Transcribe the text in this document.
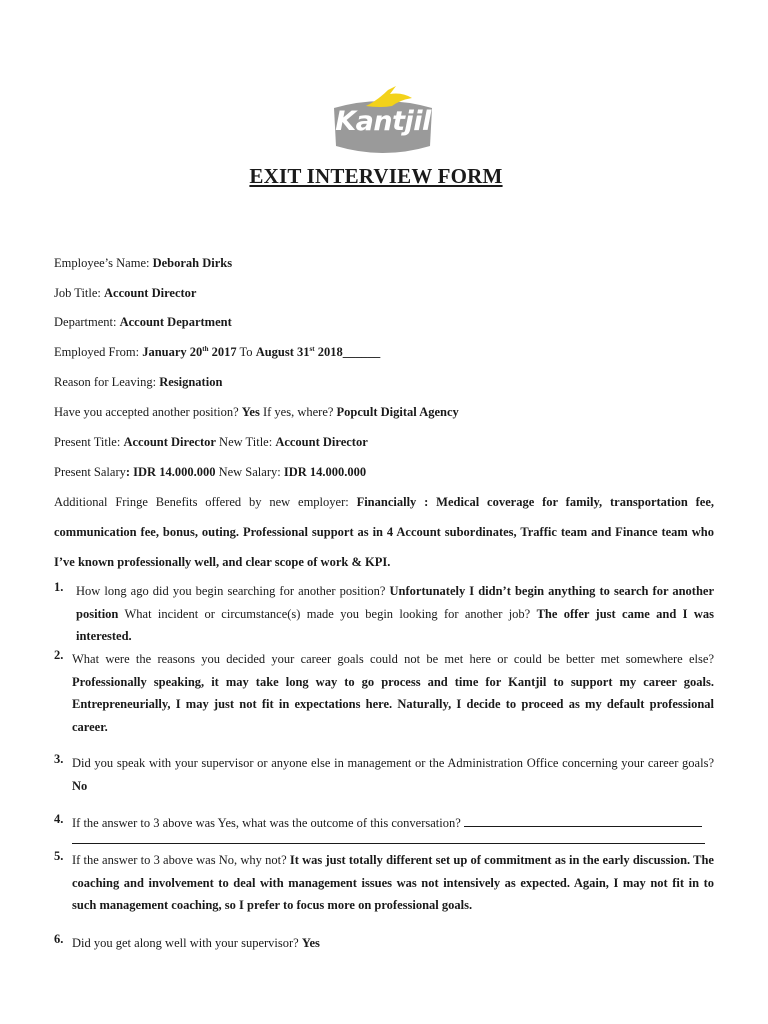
Kantjil
EXIT INTERVIEW FORM
Employee’s Name: Deborah Dirks
Job Title: Account Director
Department: Account Department
Employed From: January 20th 2017 To August 31st 2018______
Reason for Leaving: Resignation
Have you accepted another position? Yes If yes, where? Popcult Digital Agency
Present Title: Account Director New Title: Account Director
Present Salary: IDR 14.000.000 New Salary: IDR 14.000.000
Additional Fringe Benefits offered by new employer: Financially : Medical coverage for family, transportation fee, communication fee, bonus, outing. Professional support as in 4 Account subordinates, Traffic team and Finance team who I’ve known professionally well, and clear scope of work & KPI.
1. How long ago did you begin searching for another position? Unfortunately I didn’t begin anything to search for another position What incident or circumstance(s) made you begin looking for another job? The offer just came and I was interested.
2. What were the reasons you decided your career goals could not be met here or could be better met somewhere else? Professionally speaking, it may take long way to go process and time for Kantjil to support my career goals. Entrepreneurially, I may just not fit in expectations here. Naturally, I decide to proceed as my default professional career.
3. Did you speak with your supervisor or anyone else in management or the Administration Office concerning your career goals? No
4. If the answer to 3 above was Yes, what was the outcome of this conversation?
5. If the answer to 3 above was No, why not? It was just totally different set up of commitment as in the early discussion. The coaching and involvement to deal with management issues was not intensively as expected. Again, I may not fit in to such management coaching, so I prefer to focus more on professional goals.
6. Did you get along well with your supervisor? Yes
